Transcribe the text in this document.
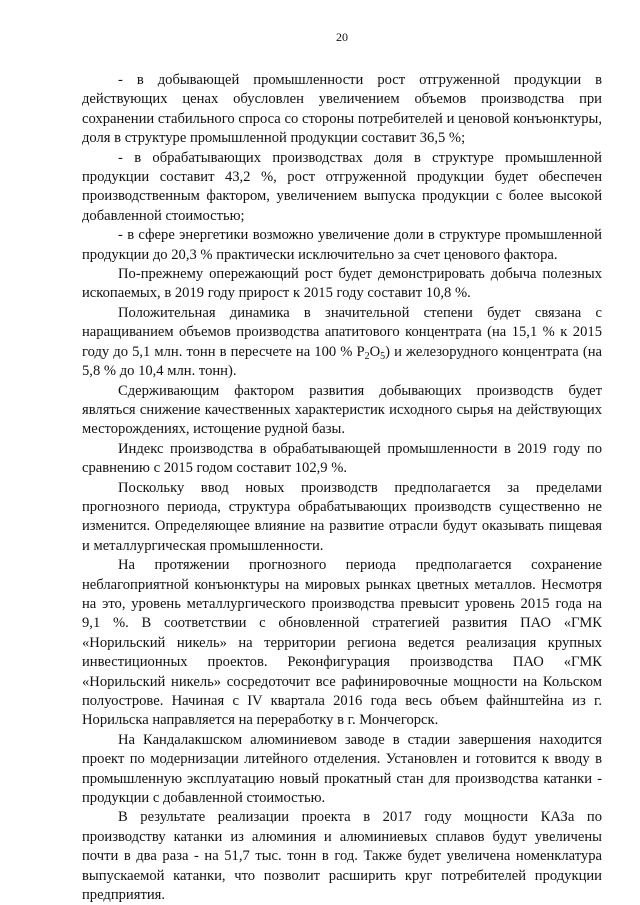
20

- в добывающей промышленности рост отгруженной продукции в действующих ценах обусловлен увеличением объемов производства при сохранении стабильного спроса со стороны потребителей и ценовой конъюнктуры, доля в структуре промышленной продукции составит 36,5 %;

- в обрабатывающих производствах доля в структуре промышленной продукции составит 43,2 %, рост отгруженной продукции будет обеспечен производственным фактором, увеличением выпуска продукции с более высокой добавленной стоимостью;

- в сфере энергетики возможно увеличение доли в структуре промышленной продукции до 20,3 % практически исключительно за счет ценового фактора.

По-прежнему опережающий рост будет демонстрировать добыча полезных ископаемых, в 2019 году прирост к 2015 году составит 10,8 %.

Положительная динамика в значительной степени будет связана с наращиванием объемов производства апатитового концентрата (на 15,1 % к 2015 году до 5,1 млн. тонн в пересчете на 100 % $P_2O_5$) и железорудного концентрата (на 5,8 % до 10,4 млн. тонн).

Сдерживающим фактором развития добывающих производств будет являться снижение качественных характеристик исходного сырья на действующих месторождениях, истощение рудной базы.

Индекс производства в обрабатывающей промышленности в 2019 году по сравнению с 2015 годом составит 102,9 %.

Поскольку ввод новых производств предполагается за пределами прогнозного периода, структура обрабатывающих производств существенно не изменится. Определяющее влияние на развитие отрасли будут оказывать пищевая и металлургическая промышленности.

На протяжении прогнозного периода предполагается сохранение неблагоприятной конъюнктуры на мировых рынках цветных металлов. Несмотря на это, уровень металлургического производства превысит уровень 2015 года на 9,1 %. В соответствии с обновленной стратегией развития ПАО «ГМК «Норильский никель» на территории региона ведется реализация крупных инвестиционных проектов. Реконфигурация производства ПАО «ГМК «Норильский никель» сосредоточит все рафинировочные мощности на Кольском полуострове. Начиная с IV квартала 2016 года весь объем файнштейна из г. Норильска направляется на переработку в г. Мончегорск.

На Кандалакшском алюминиевом заводе в стадии завершения находится проект по модернизации литейного отделения. Установлен и готовится к вводу в промышленную эксплуатацию новый прокатный стан для производства катанки - продукции с добавленной стоимостью.

В результате реализации проекта в 2017 году мощности КАЗа по производству катанки из алюминия и алюминиевых сплавов будут увеличены почти в два раза - на 51,7 тыс. тонн в год. Также будет увеличена номенклатура выпускаемой катанки, что позволит расширить круг потребителей продукции предприятия.
